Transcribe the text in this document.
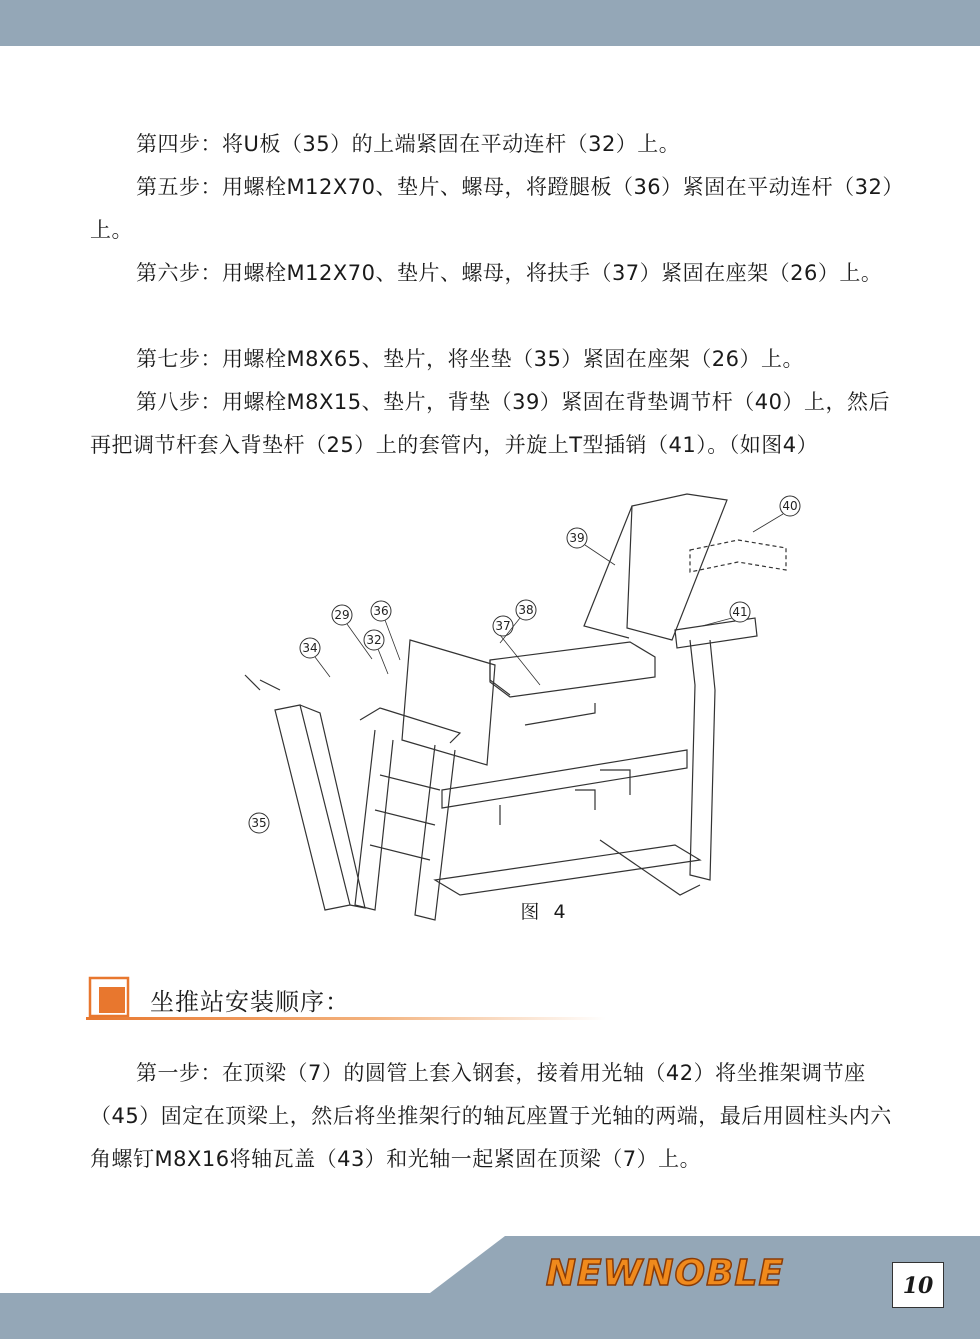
第四步：将U板（35）的上端紧固在平动连杆（32）上。

第五步：用螺栓M12X70、垫片、螺母，将蹬腿板（36）紧固在平动连杆（32）上。

第六步：用螺栓M12X70、垫片、螺母，将扶手（37）紧固在座架（26）上。

第七步：用螺栓M8X65、垫片，将坐垫（35）紧固在座架（26）上。

第八步：用螺栓M8X15、垫片，背垫（39）紧固在背垫调节杆（40）上，然后再把调节杆套入背垫杆（25）上的套管内，并旋上T型插销（41）。（如图4）

39
40
41
29 36	38
37
32
34
35
图 4
坐推站安装顺序：

第一步：在顶梁（7）的圆管上套入钢套，接着用光轴（42）将坐推架调节座（45）固定在顶梁上，然后将坐推架行的轴瓦座置于光轴的两端，最后用圆柱头内六角螺钉M8X16将轴瓦盖（43）和光轴一起紧固在顶梁（7）上。

NEWNOBLE	10
